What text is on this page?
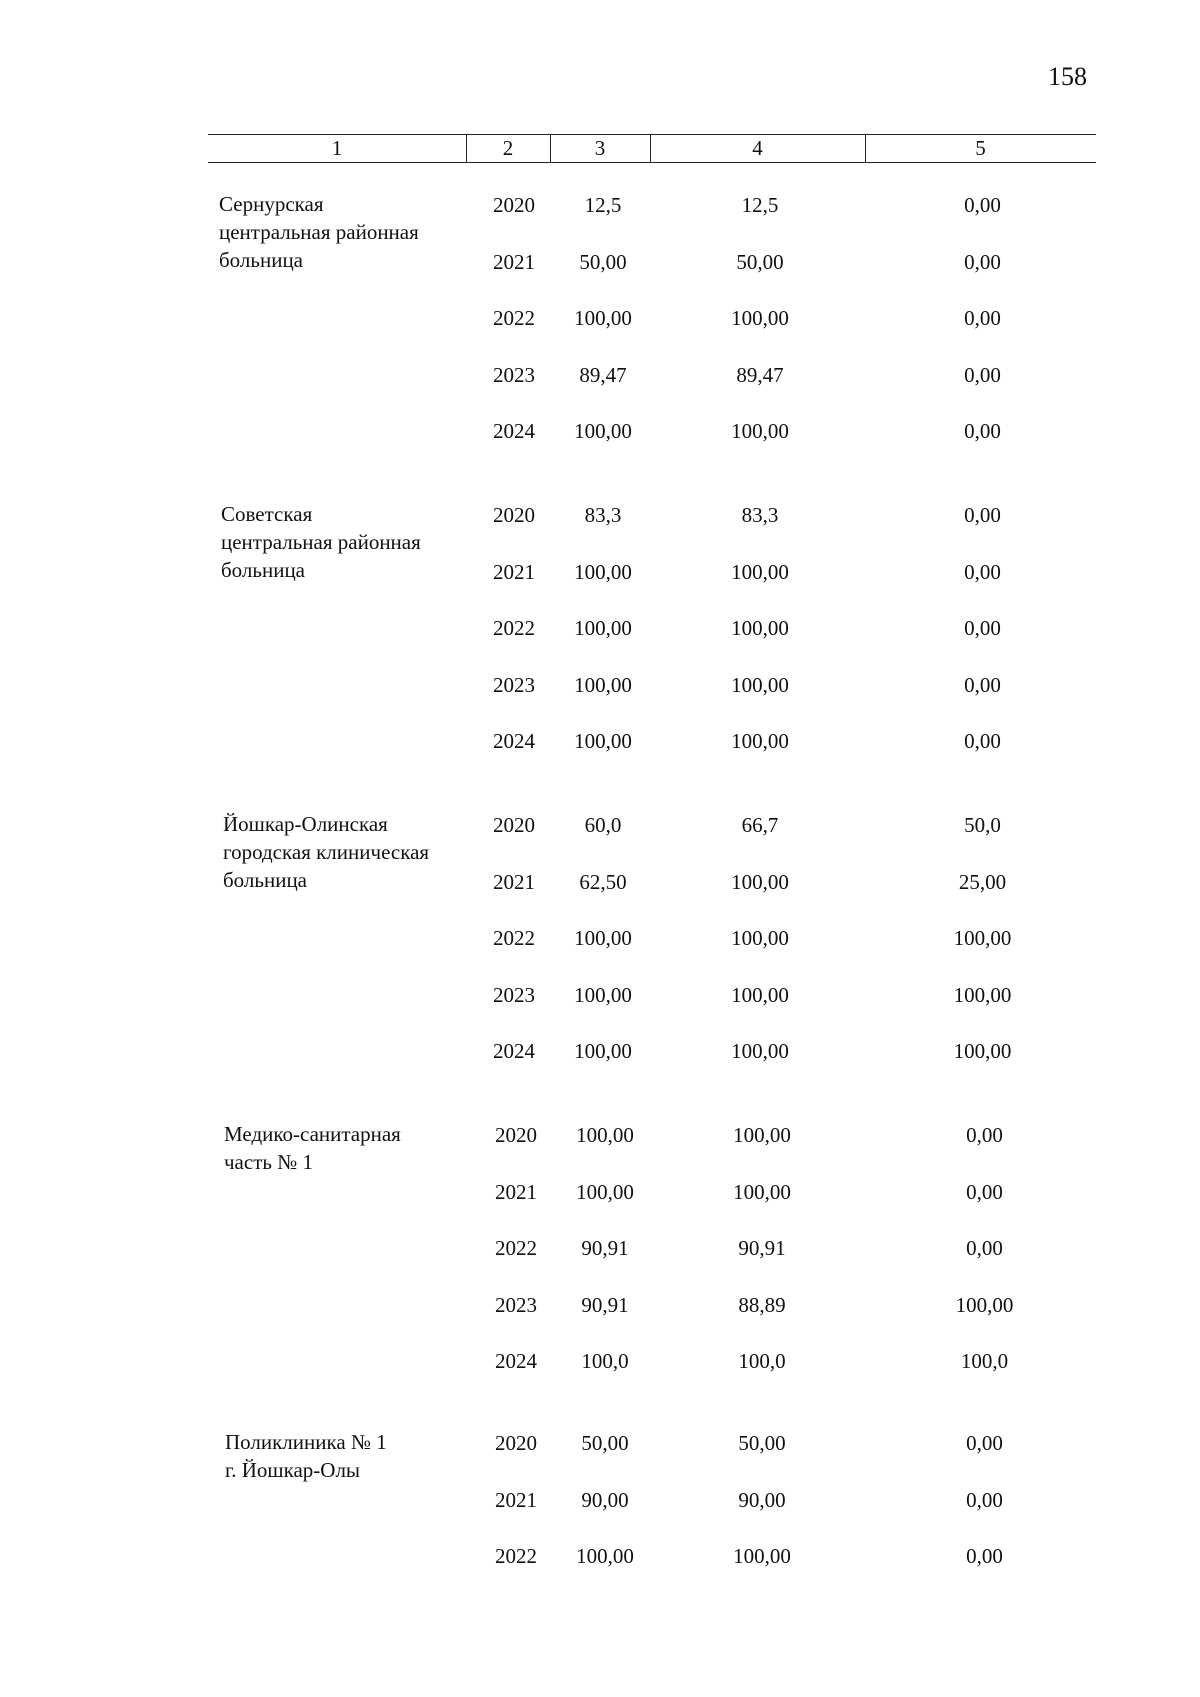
158
1	2	3	4	5
Сернурская
центральная районная
больница
2020	12,5	12,5	0,00
2021	50,00	50,00	0,00
2022	100,00	100,00	0,00
2023	89,47	89,47	0,00
2024	100,00	100,00	0,00
Советская
центральная районная
больница
2020	83,3	83,3	0,00
2021	100,00	100,00	0,00
2022	100,00	100,00	0,00
2023	100,00	100,00	0,00
2024	100,00	100,00	0,00
Йошкар-Олинская
городская клиническая
больница
2020	60,0	66,7	50,0
2021	62,50	100,00	25,00
2022	100,00	100,00	100,00
2023	100,00	100,00	100,00
2024	100,00	100,00	100,00
Медико-санитарная
часть № 1
2020	100,00	100,00	0,00
2021	100,00	100,00	0,00
2022	90,91	90,91	0,00
2023	90,91	88,89	100,00
2024	100,0	100,0	100,0
Поликлиника № 1
г. Йошкар-Олы
2020	50,00	50,00	0,00
2021	90,00	90,00	0,00
2022	100,00	100,00	0,00
